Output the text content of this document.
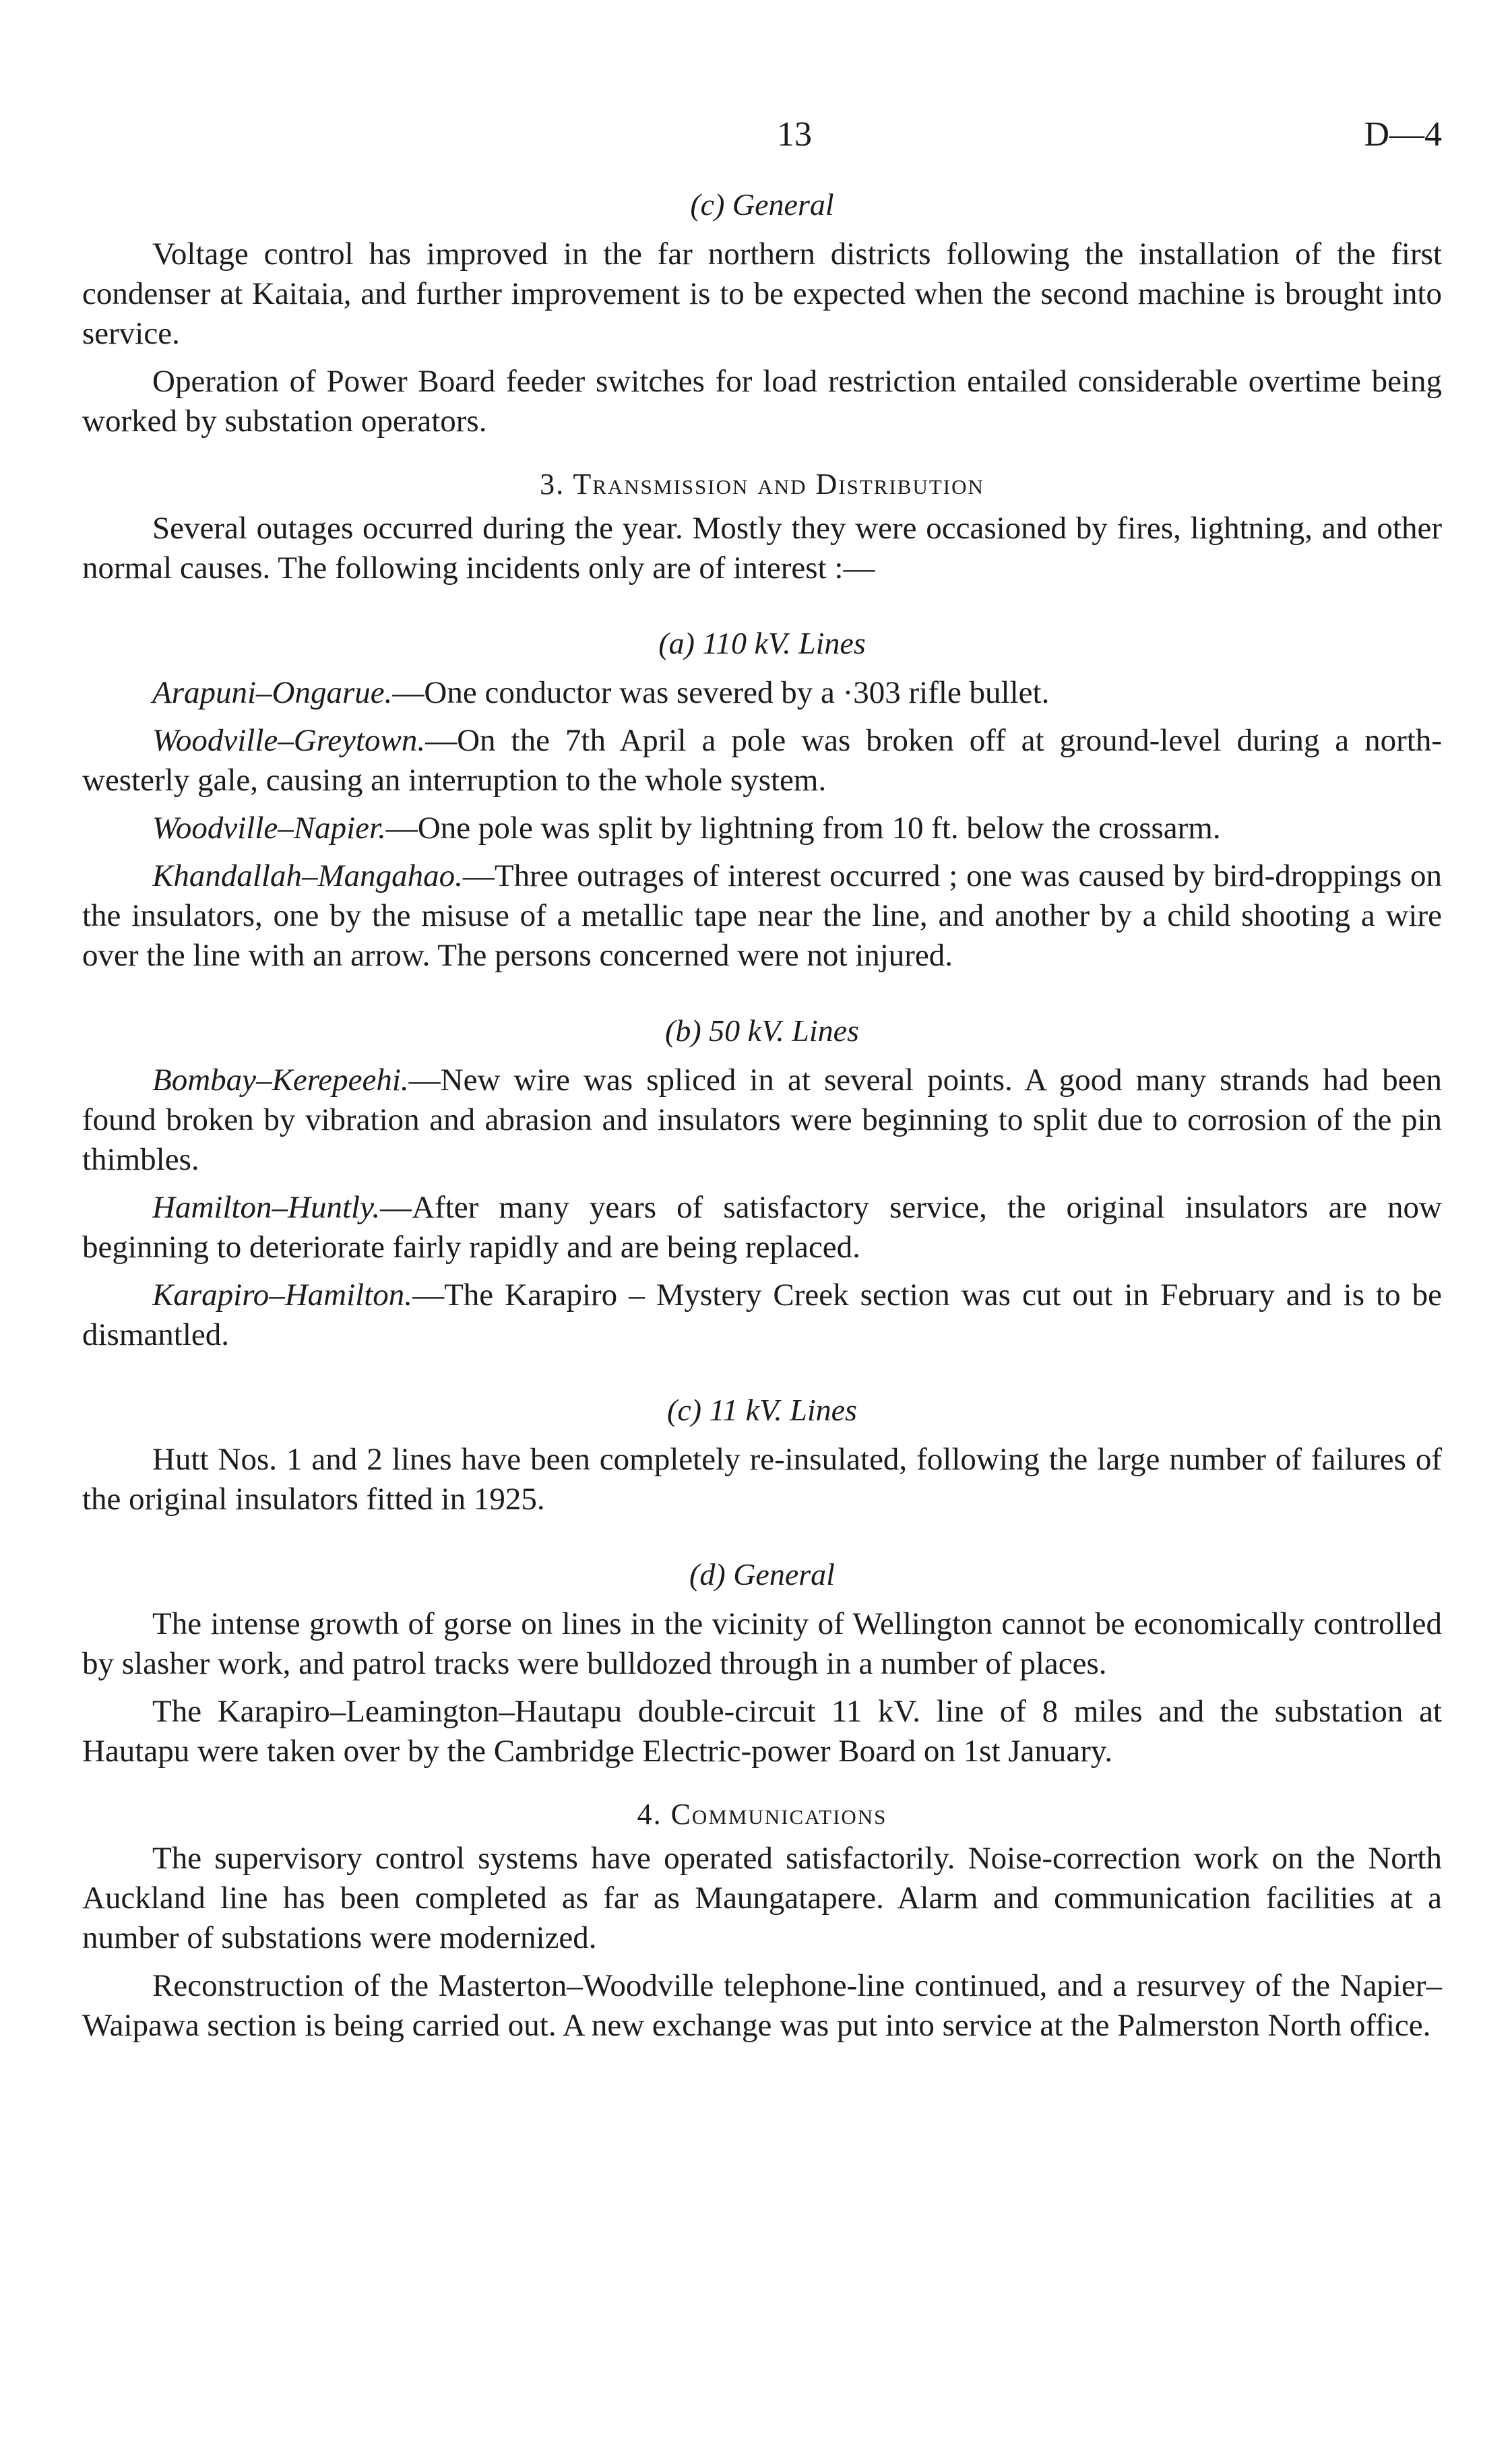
13	D—4
(c) General

Voltage control has improved in the far northern districts following the installation of the first condenser at Kaitaia, and further improvement is to be expected when the second machine is brought into service.

Operation of Power Board feeder switches for load restriction entailed considerable overtime being worked by substation operators.

3. Transmission and Distribution

Several outages occurred during the year. Mostly they were occasioned by fires, lightning, and other normal causes. The following incidents only are of interest :—

(a) 110 kV. Lines

Arapuni–Ongarue.—One conductor was severed by a ·303 rifle bullet.

Woodville–Greytown.—On the 7th April a pole was broken off at ground-level during a north-westerly gale, causing an interruption to the whole system.

Woodville–Napier.—One pole was split by lightning from 10 ft. below the crossarm.

Khandallah–Mangahao.—Three outrages of interest occurred ; one was caused by bird-droppings on the insulators, one by the misuse of a metallic tape near the line, and another by a child shooting a wire over the line with an arrow. The persons concerned were not injured.

(b) 50 kV. Lines

Bombay–Kerepeehi.—New wire was spliced in at several points. A good many strands had been found broken by vibration and abrasion and insulators were beginning to split due to corrosion of the pin thimbles.

Hamilton–Huntly.—After many years of satisfactory service, the original insulators are now beginning to deteriorate fairly rapidly and are being replaced.

Karapiro–Hamilton.—The Karapiro – Mystery Creek section was cut out in February and is to be dismantled.

(c) 11 kV. Lines

Hutt Nos. 1 and 2 lines have been completely re-insulated, following the large number of failures of the original insulators fitted in 1925.

(d) General

The intense growth of gorse on lines in the vicinity of Wellington cannot be economically controlled by slasher work, and patrol tracks were bulldozed through in a number of places.

The Karapiro–Leamington–Hautapu double-circuit 11 kV. line of 8 miles and the substation at Hautapu were taken over by the Cambridge Electric-power Board on 1st January.

4. Communications

The supervisory control systems have operated satisfactorily. Noise-correction work on the North Auckland line has been completed as far as Maungatapere. Alarm and communication facilities at a number of substations were modernized.

Reconstruction of the Masterton–Woodville telephone-line continued, and a resurvey of the Napier–Waipawa section is being carried out. A new exchange was put into service at the Palmerston North office.
